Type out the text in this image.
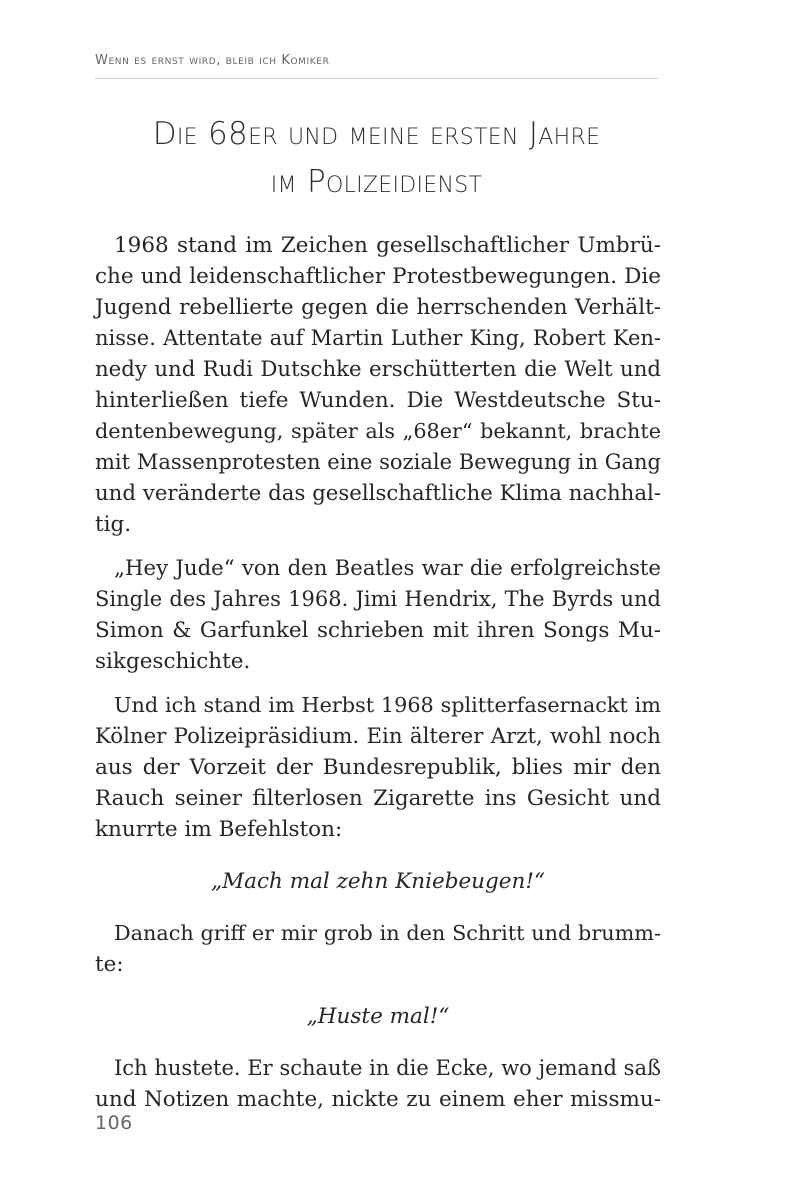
Wenn es ernst wird, bleib ich Komiker
Die 68er und meine ersten Jahre
im Polizeidienst
1968 stand im Zeichen gesellschaftlicher Umbrü-
che und leidenschaftlicher Protestbewegungen. Die
Jugend rebellierte gegen die herrschenden Verhält-
nisse. Attentate auf Martin Luther King, Robert Ken-
nedy und Rudi Dutschke erschütterten die Welt und
hinterließen tiefe Wunden. Die Westdeutsche Stu-
dentenbewegung, später als „68er“ bekannt, brachte
mit Massenprotesten eine soziale Bewegung in Gang
und veränderte das gesellschaftliche Klima nachhal-
tig.
„Hey Jude“ von den Beatles war die erfolgreichste
Single des Jahres 1968. Jimi Hendrix, The Byrds und
Simon & Garfunkel schrieben mit ihren Songs Mu-
sikgeschichte.
Und ich stand im Herbst 1968 splitterfasernackt im
Kölner Polizeipräsidium. Ein älterer Arzt, wohl noch
aus der Vorzeit der Bundesrepublik, blies mir den
Rauch seiner filterlosen Zigarette ins Gesicht und
knurrte im Befehlston:
„Mach mal zehn Kniebeugen!“
Danach griff er mir grob in den Schritt und brumm-
te:
„Huste mal!“
Ich hustete. Er schaute in die Ecke, wo jemand saß
und Notizen machte, nickte zu einem eher missmu-
106
